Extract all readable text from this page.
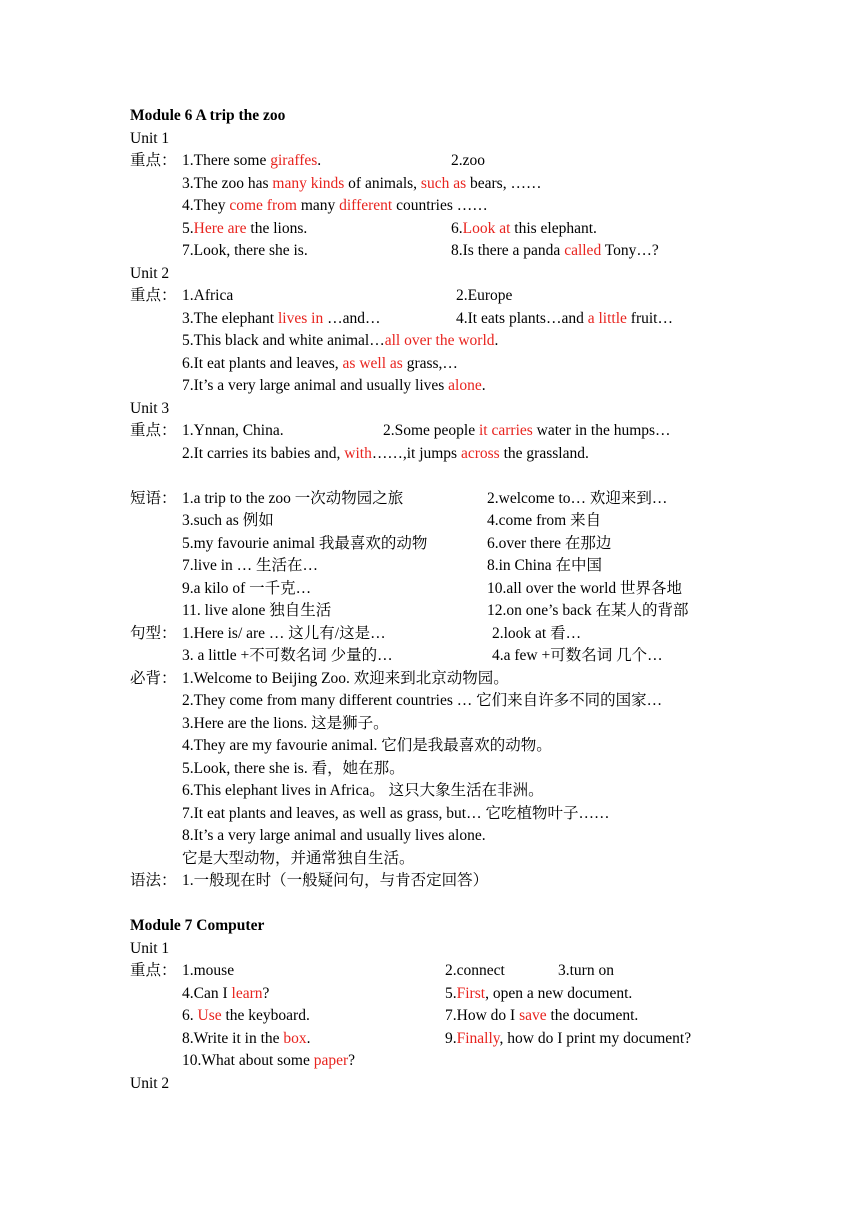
Module 6 A trip the zoo
Unit 1
重点： 1.There some giraffes.	2.zoo
3.The zoo has many kinds of animals, such as bears, ……
4.They come from many different countries ……
5.Here are the lions.	6.Look at this elephant.
7.Look, there she is.	8.Is there a panda called Tony…?
Unit 2
重点： 1.Africa	2.Europe
3.The elephant lives in …and…	4.It eats plants…and a little fruit…
5.This black and white animal…all over the world.
6.It eat plants and leaves, as well as grass,…
7.It’s a very large animal and usually lives alone.
Unit 3
重点： 1.Ynnan, China.	2.Some people it carries water in the humps…
2.It carries its babies and, with……,it jumps across the grassland.
短语： 1.a trip to the zoo 一次动物园之旅	2.welcome to… 欢迎来到…
3.such as 例如	4.come from 来自
5.my favourie animal 我最喜欢的动物	6.over there 在那边
7.live in … 生活在…	8.in China 在中国
9.a kilo of 一千克…	10.all over the world 世界各地
11. live alone 独自生活	12.on one’s back 在某人的背部
句型： 1.Here is/ are … 这儿有/这是…	2.look at 看…
3. a little +不可数名词 少量的…	4.a few +可数名词 几个…
必背： 1.Welcome to Beijing Zoo. 欢迎来到北京动物园。
2.They come from many different countries … 它们来自许多不同的国家…
3.Here are the lions. 这是狮子。
4.They are my favourie animal. 它们是我最喜欢的动物。
5.Look, there she is. 看，她在那。
6.This elephant lives in Africa。 这只大象生活在非洲。
7.It eat plants and leaves, as well as grass, but… 它吃植物叶子……
8.It’s a very large animal and usually lives alone.
它是大型动物，并通常独自生活。
语法： 1.一般现在时（一般疑问句，与肯否定回答）
Module 7 Computer
Unit 1
重点： 1.mouse	2.connect	3.turn on
4.Can I learn?	5.First, open a new document.
6. Use the keyboard.	7.How do I save the document.
8.Write it in the box.	9.Finally, how do I print my document?
10.What about some paper?
Unit 2
